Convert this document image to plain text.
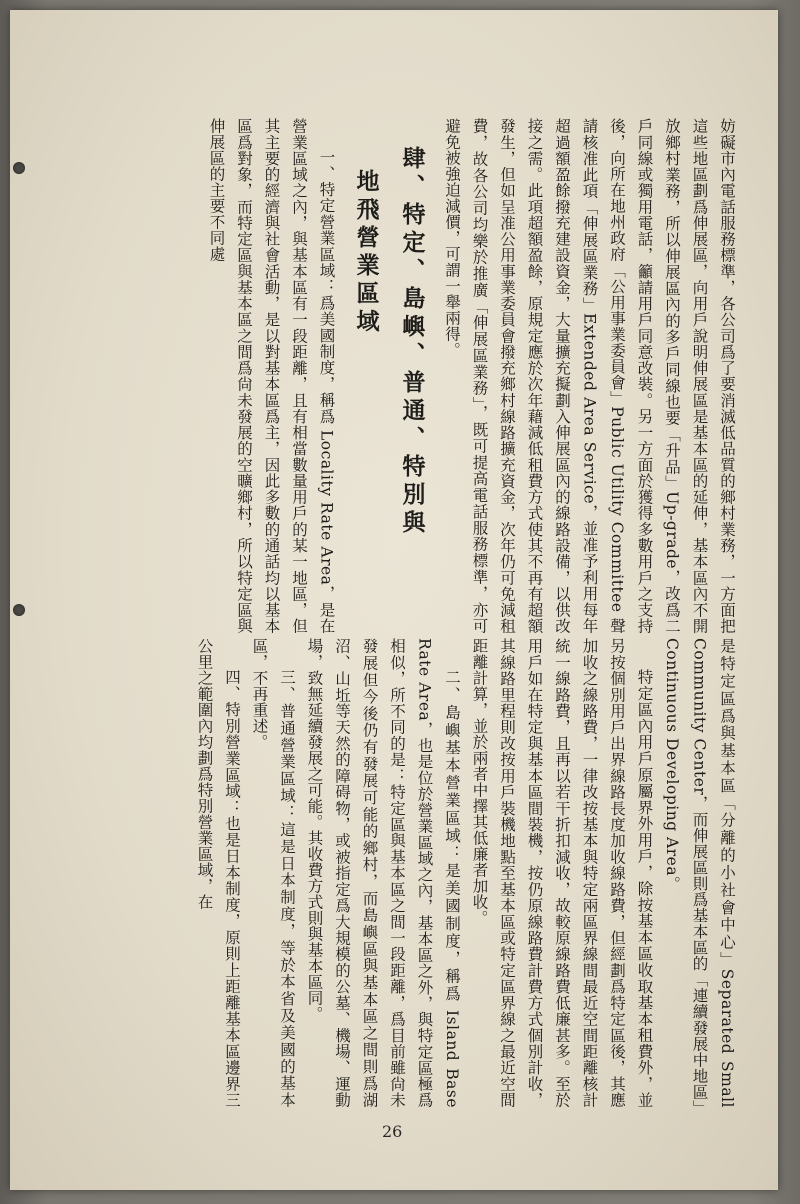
妨礙市內電話服務標準，各公司爲了要消滅低品質的鄉村業務，一方面把這些地區劃爲伸展區，向用戶說明伸展區是基本區的延伸，基本區內不開放鄉村業務，所以伸展區內的多戶同線也要「升品」Up-grade，改爲二戶同線或獨用電話，籲請用戶同意改裝。另一方面於獲得多數用戶之支持後，向所在地州政府「公用事業委員會」Public Utility Committee 聲請核准此項「伸展區業務」Extended Area Service，並准予利用每年超過額盈餘撥充建設資金，大量擴充擬劃入伸展區內的線路設備，以供改接之需。此項超額盈餘，原規定應於次年藉減低租費方式使其不再有超額發生，但如呈准公用事業委員會撥充鄉村線路擴充資金，次年仍可免減租費，故各公司均樂於推廣「伸展區業務」，既可提高電話服務標準，亦可避免被強迫減價，可謂一舉兩得。

肆、特定、島嶼、普通、特別與

地飛營業區域

一、特定營業區域：爲美國制度，稱爲 Locality Rate Area，是在營業區域之內，與基本區有一段距離，且有相當數量用戶的某一地區，但其主要的經濟與社會活動，是以對基本區爲主，因此多數的通話均以基本區爲對象，而特定區與基本區之間爲尙未發展的空曠鄉村，所以特定區與伸展區的主要不同處

是特定區爲與基本區「分離的小社會中心」Separated Small Community Center，而伸展區則爲基本區的「連續發展中地區」Continuous Developing Area。

特定區內用戶原屬界外用戶，除按基本區收取基本租費外，並另按個別用戶出界線路長度加收線路費，但經劃爲特定區後，其應加收之線路費，一律改按基本與特定兩區界線間最近空間距離核計統一線路費，且再以若干折扣減收，故較原線路費低廉甚多。至於用戶如在特定與基本區間裝機，按仍原線路費計費方式個別計收，其線路里程則改按用戶裝機地點至基本區或特定區界線之最近空間距離計算，並於兩者中擇其低廉者加收。

二、島嶼基本營業區域：是美國制度，稱爲 Island Base Rate Area，也是位於營業區域之內，基本區之外，與特定區極爲相似，所不同的是：特定區與基本區之間一段距離，爲目前雖尙未發展但今後仍有發展可能的鄉村，而島嶼區與基本區之間則爲湖沼、山坵等天然的障碍物，或被指定爲大規模的公墓、機場、運動場，致無延續發展之可能。其收費方式則與基本區同。

三、普通營業區域：這是日本制度，等於本省及美國的基本區，不再重述。

四、特別營業區域：也是日本制度，原則上距離基本區邊界三公里之範圍內均劃爲特別營業區域，在

26
